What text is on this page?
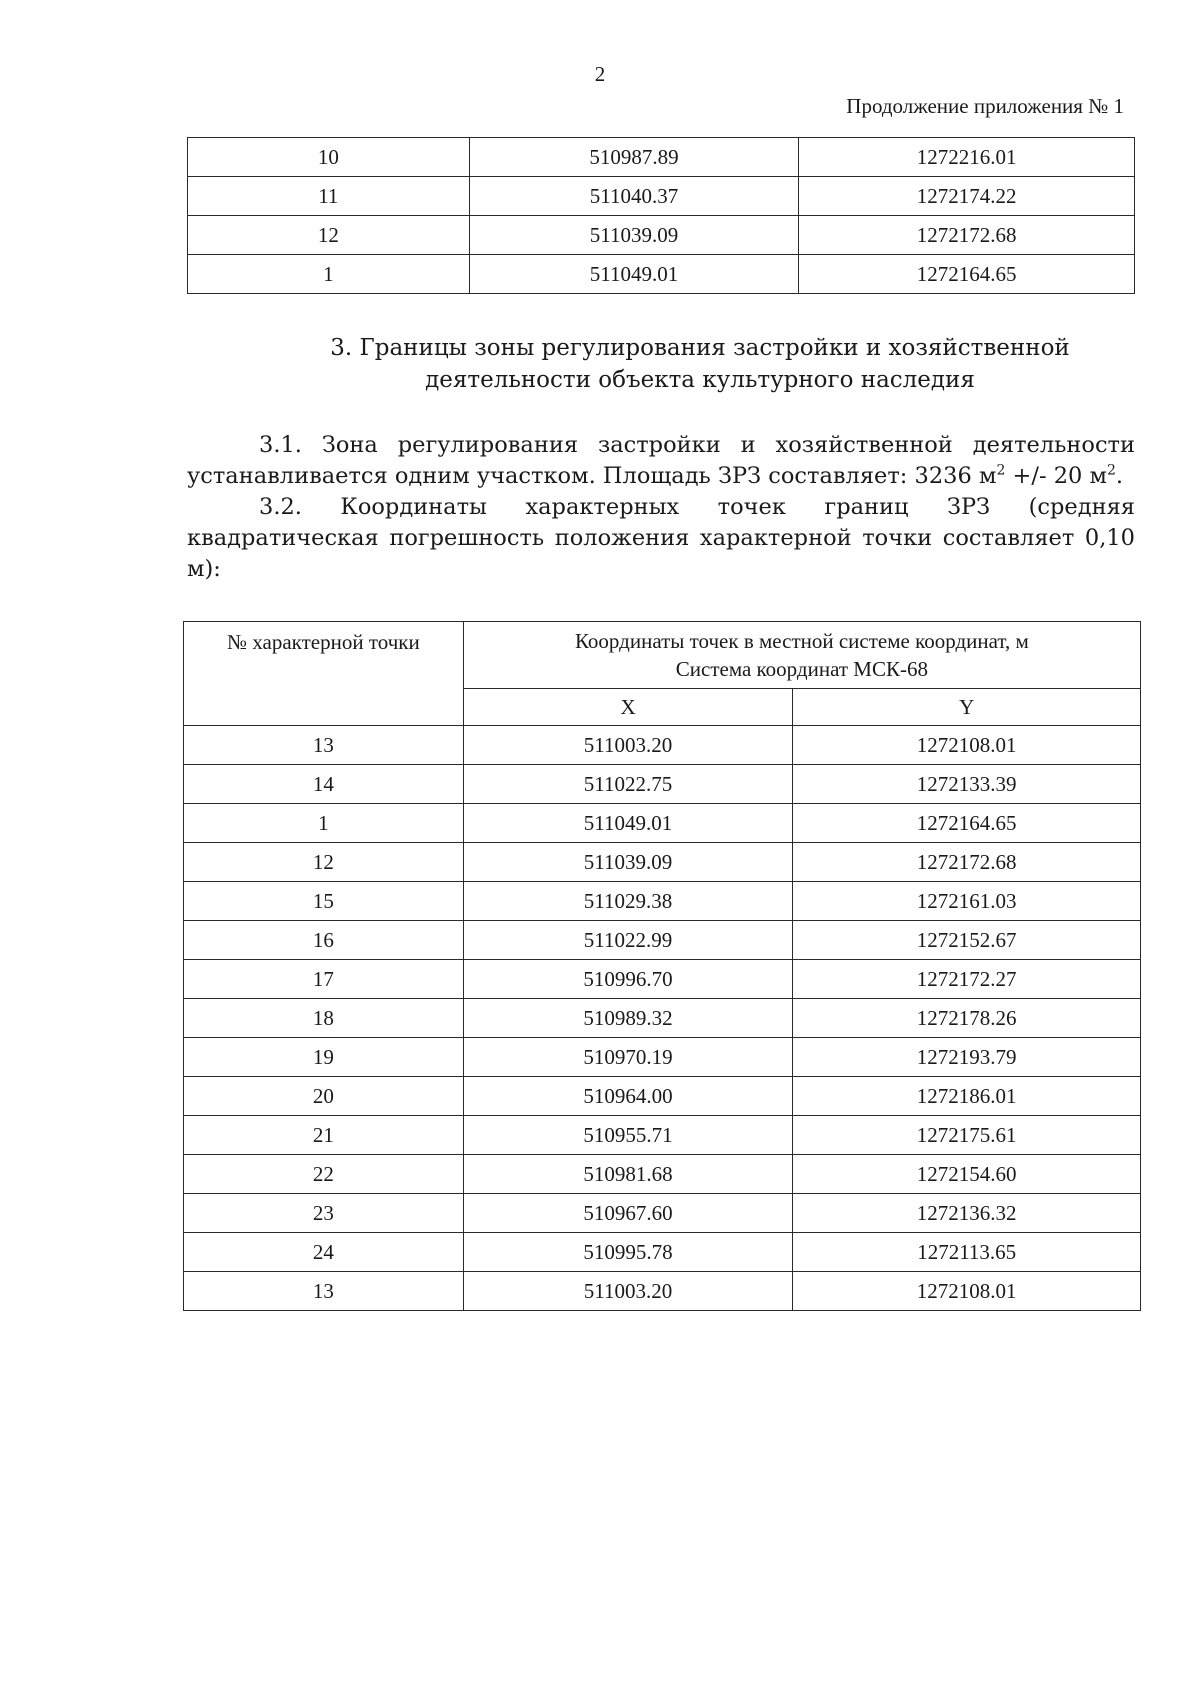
2
Продолжение приложения № 1
10	510987.89	1272216.01
11	511040.37	1272174.22
12	511039.09	1272172.68
1	511049.01	1272164.65
3. Границы зоны регулирования застройки и хозяйственной
деятельности объекта культурного наследия
3.1. Зона регулирования застройки и хозяйственной деятельности устанавливается одним участком. Площадь ЗРЗ составляет: 3236 $м^2$ +/- 20 $м^2$.
3.2. Координаты характерных точек границ ЗРЗ (средняя квадратическая погрешность положения характерной точки составляет 0,10 м):
№ характерной точки	Координаты точек в местной системе координат, м
Система координат МСК-68	

	X	Y
13	511003.20	1272108.01
14	511022.75	1272133.39
1	511049.01	1272164.65
12	511039.09	1272172.68
15	511029.38	1272161.03
16	511022.99	1272152.67
17	510996.70	1272172.27
18	510989.32	1272178.26
19	510970.19	1272193.79
20	510964.00	1272186.01
21	510955.71	1272175.61
22	510981.68	1272154.60
23	510967.60	1272136.32
24	510995.78	1272113.65
13	511003.20	1272108.01
